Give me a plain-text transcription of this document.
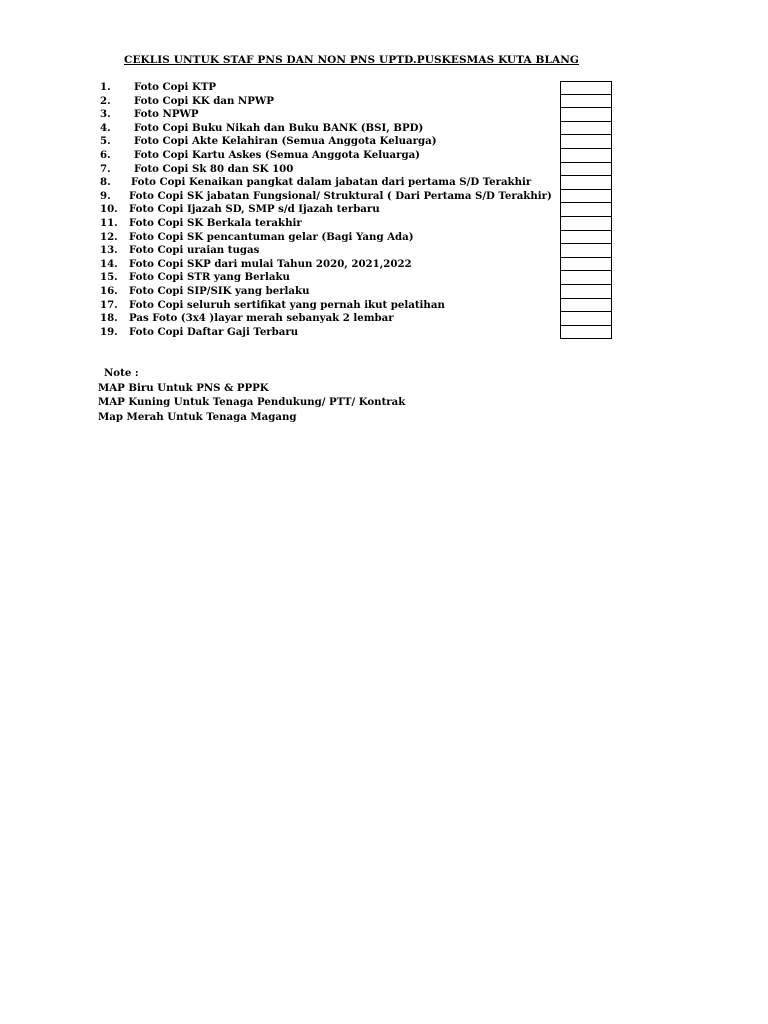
CEKLIS UNTUK STAF PNS DAN NON PNS UPTD.PUSKESMAS KUTA BLANG
1.	Foto Copi KTP
2.	Foto Copi KK dan NPWP
3.	Foto NPWP
4.	Foto Copi Buku Nikah dan Buku BANK (BSI, BPD)
5.	Foto Copi Akte Kelahiran (Semua Anggota Keluarga)
6.	Foto Copi Kartu Askes (Semua Anggota Keluarga)
7.	Foto Copi Sk 80 dan SK 100
8.	Foto Copi Kenaikan pangkat dalam jabatan dari pertama S/D Terakhir
9.	Foto Copi SK jabatan Fungsional/ Struktural ( Dari Pertama S/D Terakhir)
10.	Foto Copi Ijazah SD, SMP s/d Ijazah terbaru
11.	Foto Copi SK Berkala terakhir
12.	Foto Copi SK pencantuman gelar (Bagi Yang Ada)
13.	Foto Copi uraian tugas
14.	Foto Copi SKP dari mulai Tahun 2020, 2021,2022
15.	Foto Copi STR yang Berlaku
16.	Foto Copi SIP/SIK yang berlaku
17.	Foto Copi seluruh sertifikat yang pernah ikut pelatihan
18.	Pas Foto (3x4 )layar merah sebanyak 2 lembar
19.	Foto Copi Daftar Gaji Terbaru
Note :
MAP Biru Untuk PNS & PPPK
MAP Kuning Untuk Tenaga Pendukung/ PTT/ Kontrak
Map Merah Untuk Tenaga Magang
